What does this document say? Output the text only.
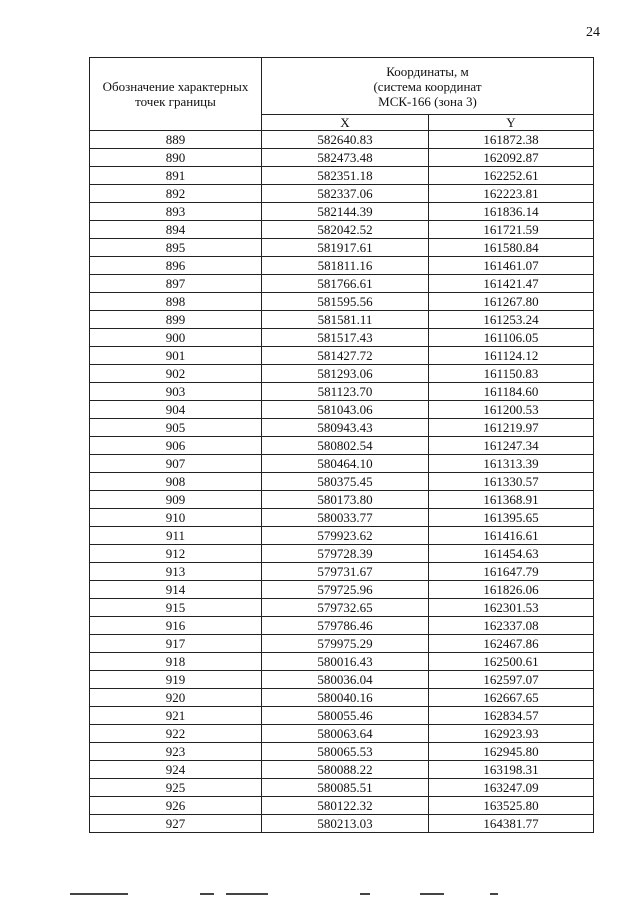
24
Обозначение характерных точек границы	Координаты, м
(система координат
МСК-166 (зона 3)	

	X	Y
889	582640.83	161872.38
890	582473.48	162092.87
891	582351.18	162252.61
892	582337.06	162223.81
893	582144.39	161836.14
894	582042.52	161721.59
895	581917.61	161580.84
896	581811.16	161461.07
897	581766.61	161421.47
898	581595.56	161267.80
899	581581.11	161253.24
900	581517.43	161106.05
901	581427.72	161124.12
902	581293.06	161150.83
903	581123.70	161184.60
904	581043.06	161200.53
905	580943.43	161219.97
906	580802.54	161247.34
907	580464.10	161313.39
908	580375.45	161330.57
909	580173.80	161368.91
910	580033.77	161395.65
911	579923.62	161416.61
912	579728.39	161454.63
913	579731.67	161647.79
914	579725.96	161826.06
915	579732.65	162301.53
916	579786.46	162337.08
917	579975.29	162467.86
918	580016.43	162500.61
919	580036.04	162597.07
920	580040.16	162667.65
921	580055.46	162834.57
922	580063.64	162923.93
923	580065.53	162945.80
924	580088.22	163198.31
925	580085.51	163247.09
926	580122.32	163525.80
927	580213.03	164381.77
